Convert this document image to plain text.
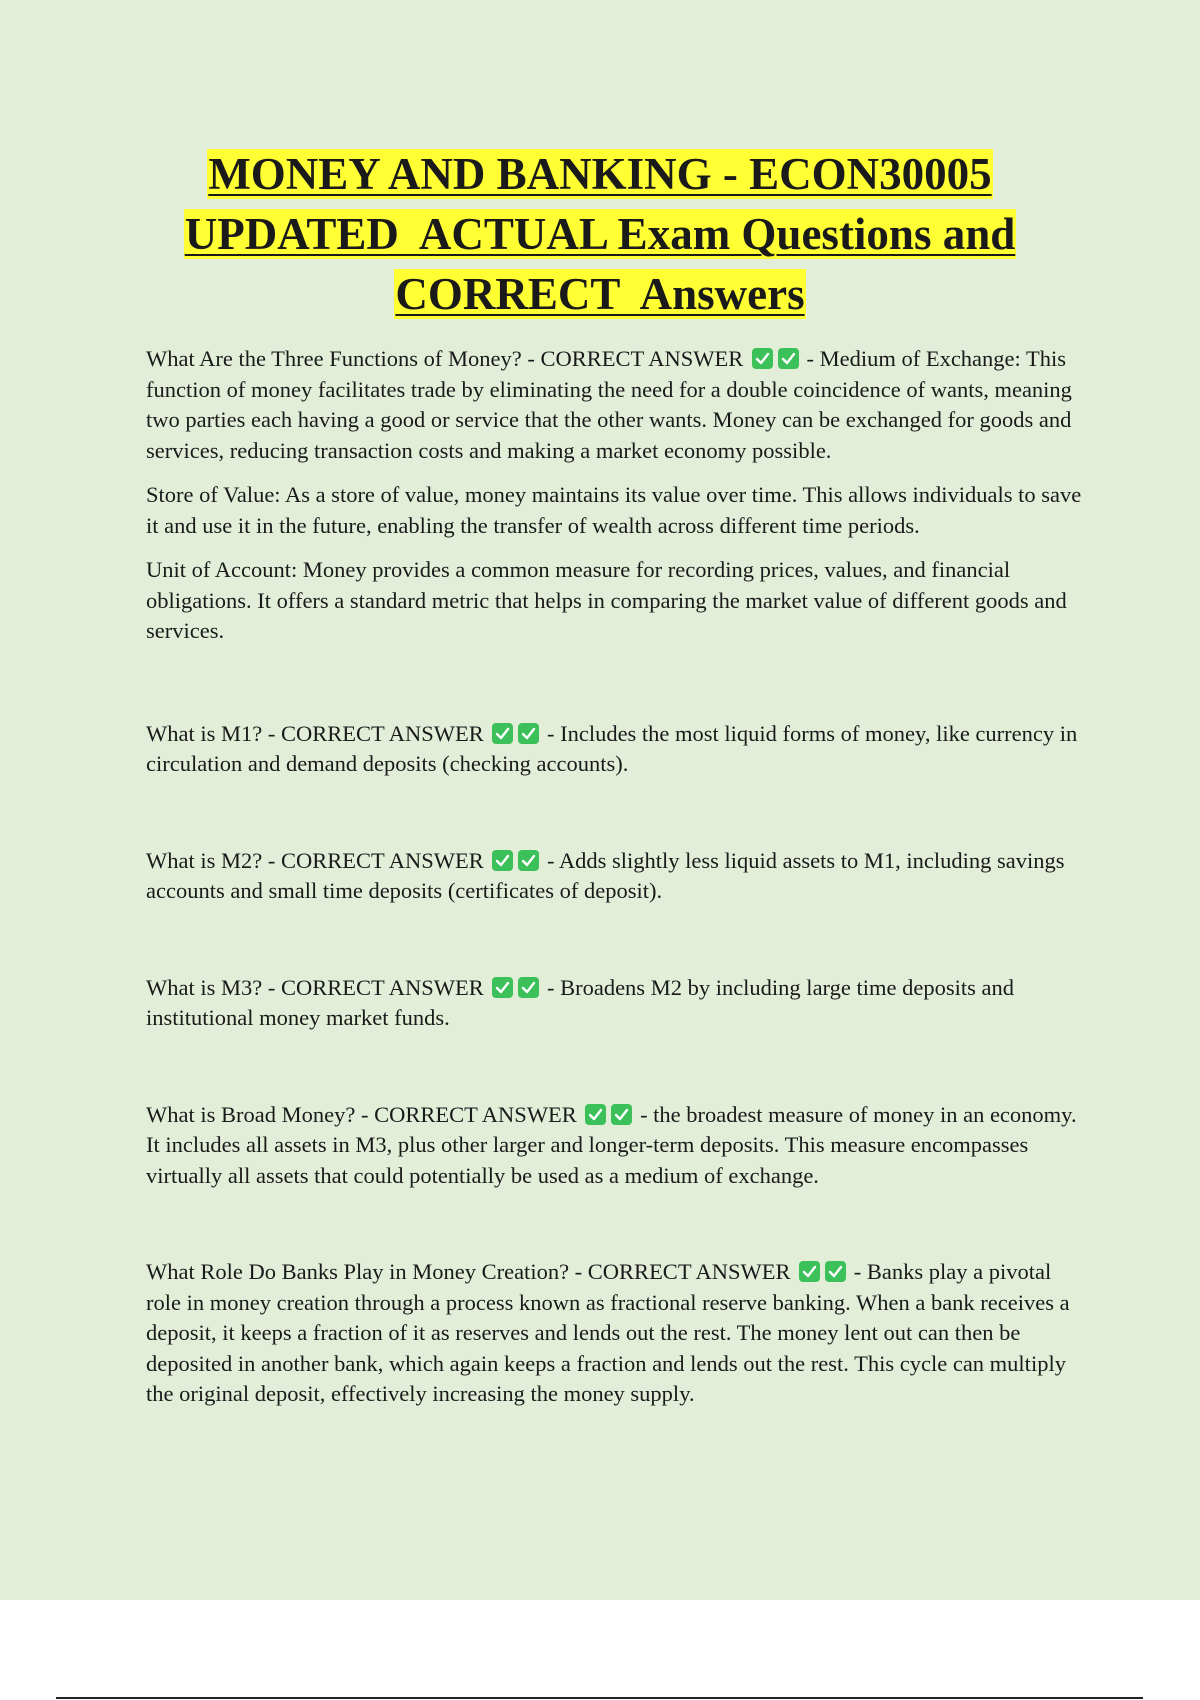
MONEY AND BANKING - ECON30005
UPDATED  ACTUAL Exam Questions and
CORRECT  Answers

What Are the Three Functions of Money? - CORRECT ANSWER	- Medium of Exchange: This function of money facilitates trade by eliminating the need for a double coincidence of wants, meaning two parties each having a good or service that the other wants. Money can be exchanged for goods and services, reducing transaction costs and making a market economy possible.

Store of Value: As a store of value, money maintains its value over time. This allows individuals to save it and use it in the future, enabling the transfer of wealth across different time periods.

Unit of Account: Money provides a common measure for recording prices, values, and financial obligations. It offers a standard metric that helps in comparing the market value of different goods and services.

What is M1? - CORRECT ANSWER	- Includes the most liquid forms of money, like currency in circulation and demand deposits (checking accounts).

What is M2? - CORRECT ANSWER	- Adds slightly less liquid assets to M1, including savings accounts and small time deposits (certificates of deposit).

What is M3? - CORRECT ANSWER	- Broadens M2 by including large time deposits and institutional money market funds.

What is Broad Money? - CORRECT ANSWER	- the broadest measure of money in an economy. It includes all assets in M3, plus other larger and longer-term deposits. This measure encompasses virtually all assets that could potentially be used as a medium of exchange.

What Role Do Banks Play in Money Creation? - CORRECT ANSWER	- Banks play a pivotal role in money creation through a process known as fractional reserve banking. When a bank receives a deposit, it keeps a fraction of it as reserves and lends out the rest. The money lent out can then be deposited in another bank, which again keeps a fraction and lends out the rest. This cycle can multiply the original deposit, effectively increasing the money supply.
